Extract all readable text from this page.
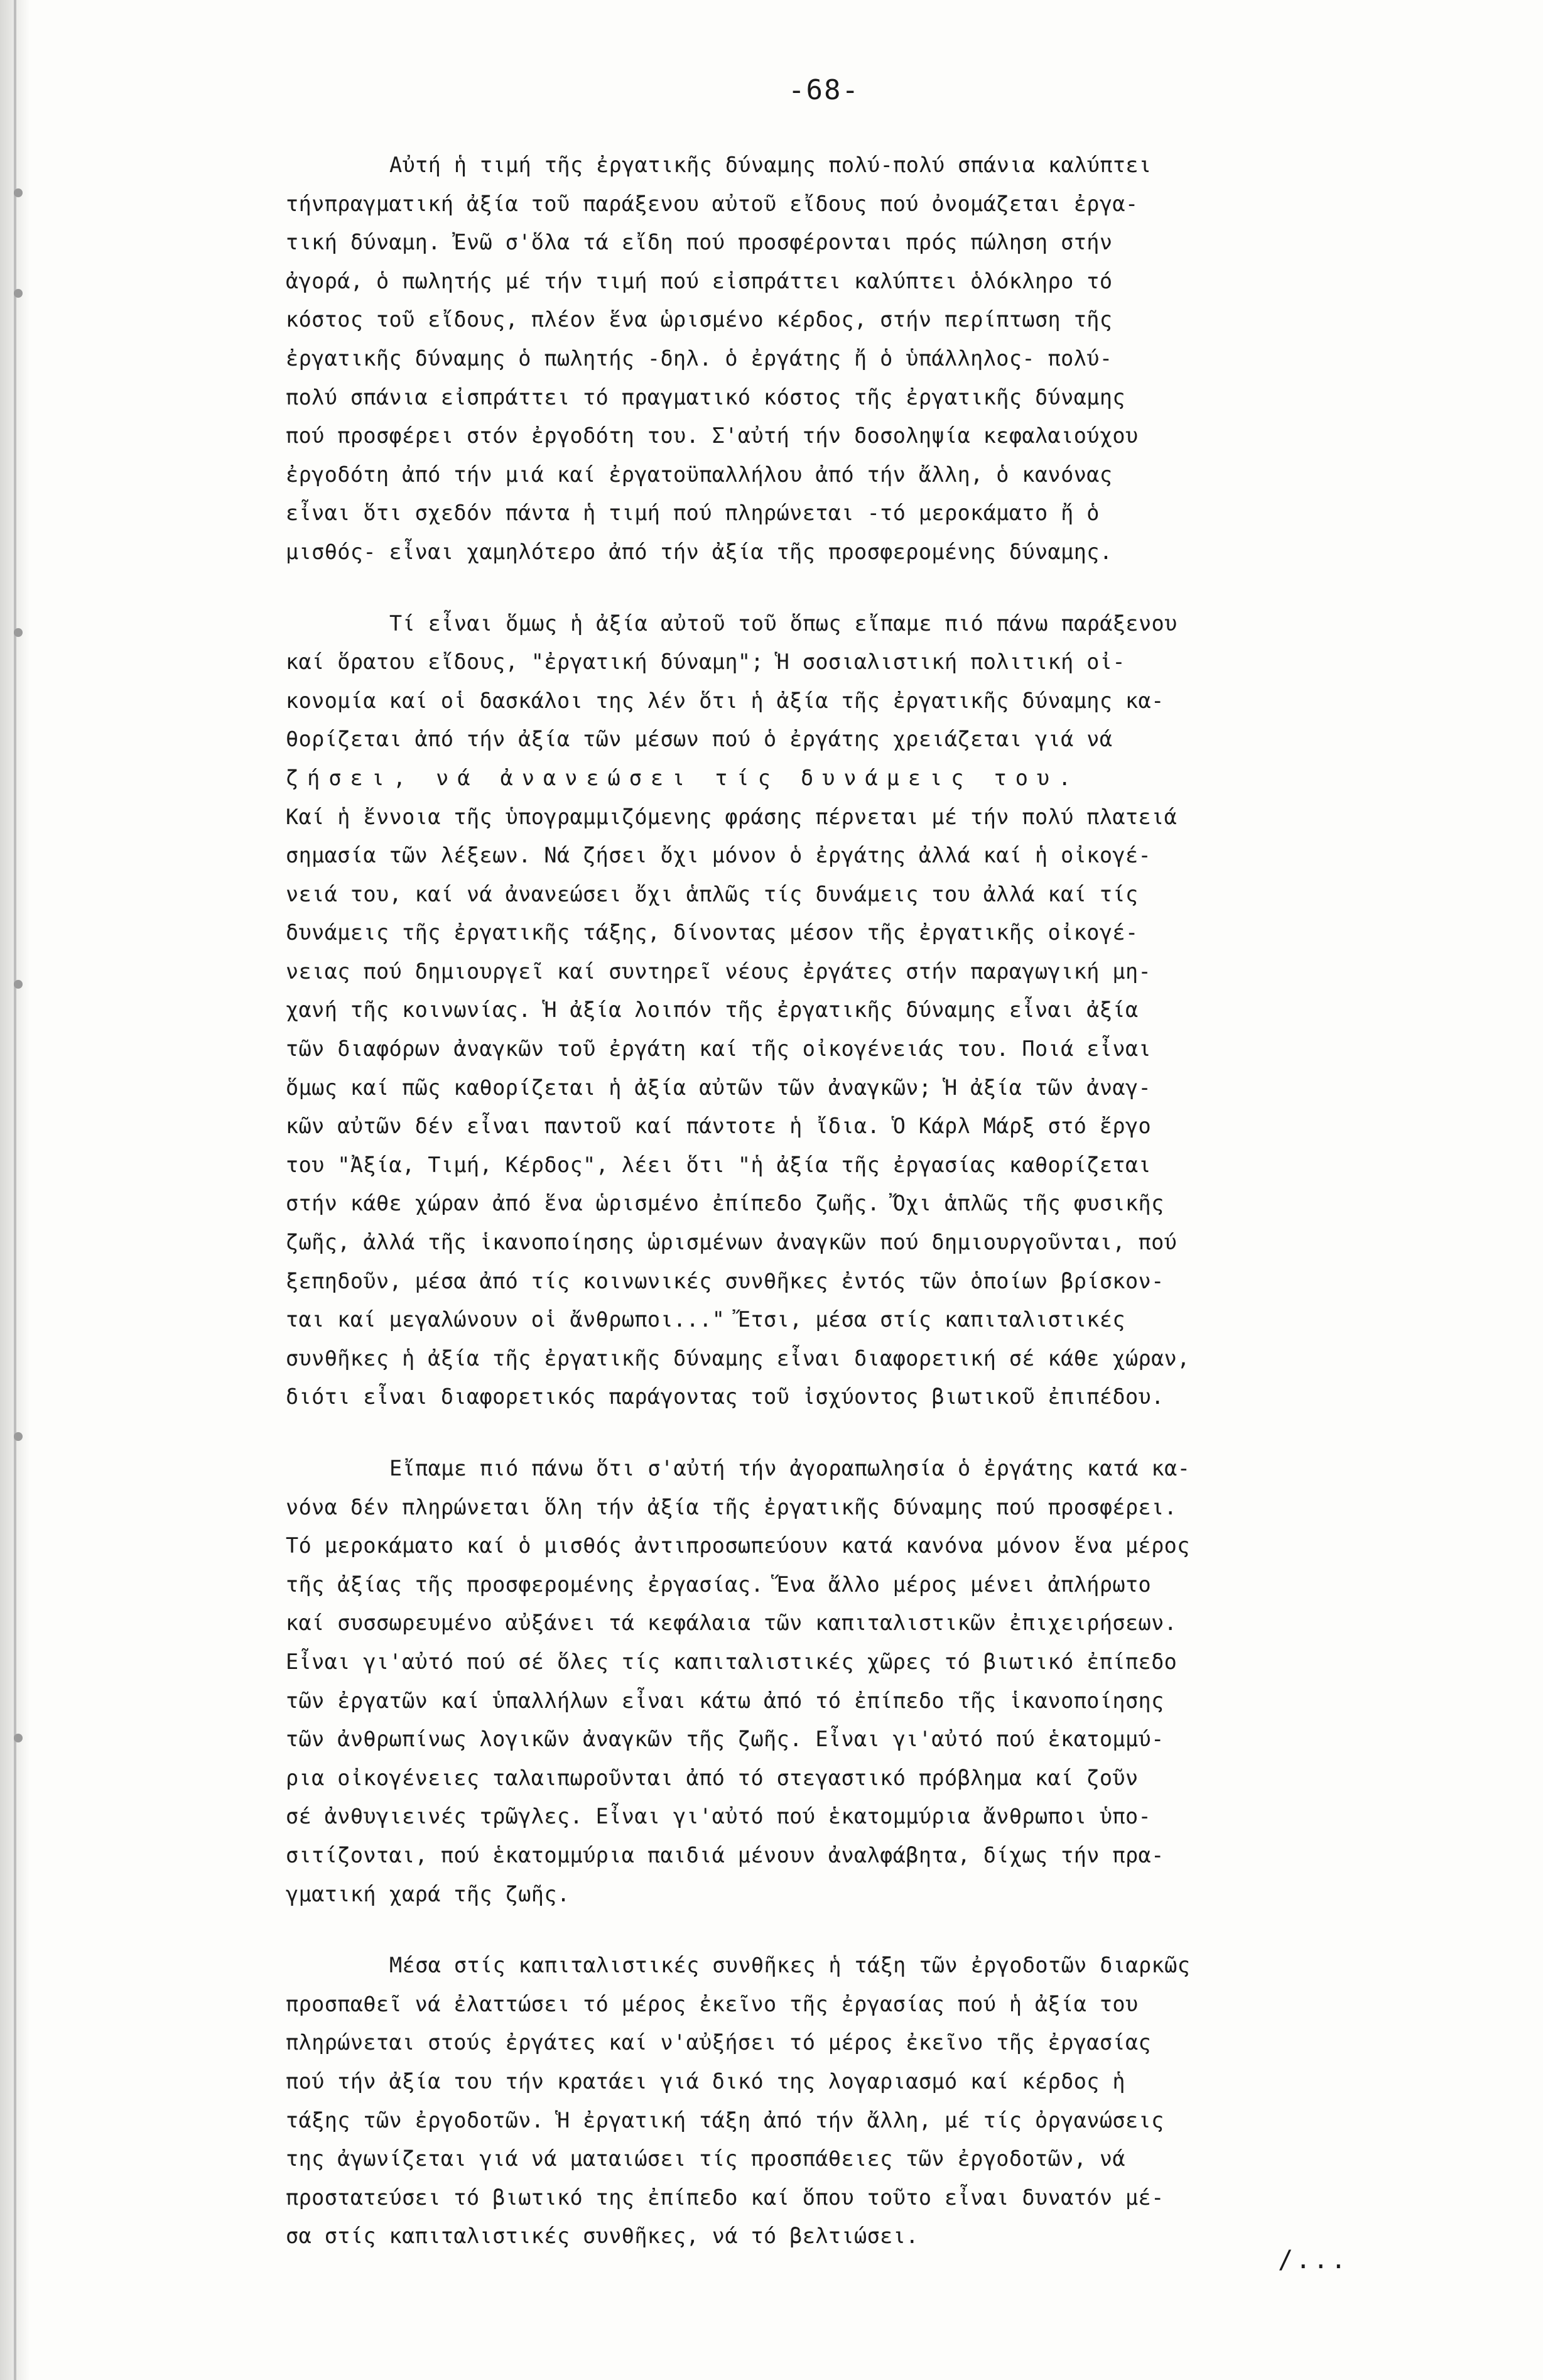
-68-
Αὐτή ἡ τιμή τῆς ἐργατικῆς δύναμης πολύ-πολύ σπάνια καλύπτει
τήνπραγματική ἀξία τοῦ παράξενου αὐτοῦ εἴδους πού ὀνομάζεται ἐργα-
τική δύναμη. Ἐνῶ σ'ὅλα τά εἴδη πού προσφέρονται πρός πώληση στήν
ἀγορά, ὁ πωλητής μέ τήν τιμή πού εἰσπράττει καλύπτει ὁλόκληρο τό
κόστος τοῦ εἴδους, πλέον ἕνα ὡρισμένο κέρδος, στήν περίπτωση τῆς
ἐργατικῆς δύναμης ὁ πωλητής -δηλ. ὁ ἐργάτης ἤ ὁ ὑπάλληλος- πολύ-
πολύ σπάνια εἰσπράττει τό πραγματικό κόστος τῆς ἐργατικῆς δύναμης
πού προσφέρει στόν ἐργοδότη του. Σ'αὐτή τήν δοσοληψία κεφαλαιούχου
ἐργοδότη ἀπό τήν μιά καί ἐργατοϋπαλλήλου ἀπό τήν ἄλλη, ὁ κανόνας
εἶναι ὅτι σχεδόν πάντα ἡ τιμή πού πληρώνεται -τό μεροκάματο ἤ ὁ
μισθός- εἶναι χαμηλότερο ἀπό τήν ἀξία τῆς προσφερομένης δύναμης.
Τί εἶναι ὅμως ἡ ἀξία αὐτοῦ τοῦ ὅπως εἴπαμε πιό πάνω παράξενου
καί ὅρατου εἴδους, "ἐργατική δύναμη"; Ἡ σοσιαλιστική πολιτική οἰ-
κονομία καί οἱ δασκάλοι της λέν ὅτι ἡ ἀξία τῆς ἐργατικῆς δύναμης κα-
θορίζεται ἀπό τήν ἀξία τῶν μέσων πού ὁ ἐργάτης χρειάζεται γιά νά
ζήσει, νά ἀνανεώσει τίς δυνάμεις του.
Καί ἡ ἔννοια τῆς ὑπογραμμιζόμενης φράσης πέρνεται μέ τήν πολύ πλατειά
σημασία τῶν λέξεων. Νά ζήσει ὄχι μόνον ὁ ἐργάτης ἀλλά καί ἡ οἰκογέ-
νειά του, καί νά ἀνανεώσει ὄχι ἁπλῶς τίς δυνάμεις του ἀλλά καί τίς
δυνάμεις τῆς ἐργατικῆς τάξης, δίνοντας μέσον τῆς ἐργατικῆς οἰκογέ-
νειας πού δημιουργεῖ καί συντηρεῖ νέους ἐργάτες στήν παραγωγική μη-
χανή τῆς κοινωνίας. Ἡ ἀξία λοιπόν τῆς ἐργατικῆς δύναμης εἶναι ἀξία
τῶν διαφόρων ἀναγκῶν τοῦ ἐργάτη καί τῆς οἰκογένειάς του. Ποιά εἶναι
ὅμως καί πῶς καθορίζεται ἡ ἀξία αὐτῶν τῶν ἀναγκῶν; Ἡ ἀξία τῶν ἀναγ-
κῶν αὐτῶν δέν εἶναι παντοῦ καί πάντοτε ἡ ἴδια. Ὁ Κάρλ Μάρξ στό ἔργο
του "Ἀξία, Τιμή, Κέρδος", λέει ὅτι "ἡ ἀξία τῆς ἐργασίας καθορίζεται
στήν κάθε χώραν ἀπό ἕνα ὡρισμένο ἐπίπεδο ζωῆς. Ὄχι ἁπλῶς τῆς φυσικῆς
ζωῆς, ἀλλά τῆς ἱκανοποίησης ὡρισμένων ἀναγκῶν πού δημιουργοῦνται, πού
ξεπηδοῦν, μέσα ἀπό τίς κοινωνικές συνθῆκες ἐντός τῶν ὁποίων βρίσκον-
ται καί μεγαλώνουν οἱ ἄνθρωποι..." Ἔτσι, μέσα στίς καπιταλιστικές
συνθῆκες ἡ ἀξία τῆς ἐργατικῆς δύναμης εἶναι διαφορετική σέ κάθε χώραν,
διότι εἶναι διαφορετικός παράγοντας τοῦ ἰσχύοντος βιωτικοῦ ἐπιπέδου.
Εἴπαμε πιό πάνω ὅτι σ'αὐτή τήν ἀγοραπωλησία ὁ ἐργάτης κατά κα-
νόνα δέν πληρώνεται ὅλη τήν ἀξία τῆς ἐργατικῆς δύναμης πού προσφέρει.
Τό μεροκάματο καί ὁ μισθός ἀντιπροσωπεύουν κατά κανόνα μόνον ἕνα μέρος
τῆς ἀξίας τῆς προσφερομένης ἐργασίας. Ἕνα ἄλλο μέρος μένει ἀπλήρωτο
καί συσσωρευμένο αὐξάνει τά κεφάλαια τῶν καπιταλιστικῶν ἐπιχειρήσεων.
Εἶναι γι'αὐτό πού σέ ὅλες τίς καπιταλιστικές χῶρες τό βιωτικό ἐπίπεδο
τῶν ἐργατῶν καί ὑπαλλήλων εἶναι κάτω ἀπό τό ἐπίπεδο τῆς ἱκανοποίησης
τῶν ἀνθρωπίνως λογικῶν ἀναγκῶν τῆς ζωῆς. Εἶναι γι'αὐτό πού ἑκατομμύ-
ρια οἰκογένειες ταλαιπωροῦνται ἀπό τό στεγαστικό πρόβλημα καί ζοῦν
σέ ἀνθυγιεινές τρῶγλες. Εἶναι γι'αὐτό πού ἑκατομμύρια ἄνθρωποι ὑπο-
σιτίζονται, πού ἑκατομμύρια παιδιά μένουν ἀναλφάβητα, δίχως τήν πρα-
γματική χαρά τῆς ζωῆς.
Μέσα στίς καπιταλιστικές συνθῆκες ἡ τάξη τῶν ἐργοδοτῶν διαρκῶς
προσπαθεῖ νά ἐλαττώσει τό μέρος ἐκεῖνο τῆς ἐργασίας πού ἡ ἀξία του
πληρώνεται στούς ἐργάτες καί ν'αὐξήσει τό μέρος ἐκεῖνο τῆς ἐργασίας
πού τήν ἀξία του τήν κρατάει γιά δικό της λογαριασμό καί κέρδος ἡ
τάξης τῶν ἐργοδοτῶν. Ἡ ἐργατική τάξη ἀπό τήν ἄλλη, μέ τίς ὀργανώσεις
της ἀγωνίζεται γιά νά ματαιώσει τίς προσπάθειες τῶν ἐργοδοτῶν, νά
προστατεύσει τό βιωτικό της ἐπίπεδο καί ὅπου τοῦτο εἶναι δυνατόν μέ-
σα στίς καπιταλιστικές συνθῆκες, νά τό βελτιώσει.
/...
